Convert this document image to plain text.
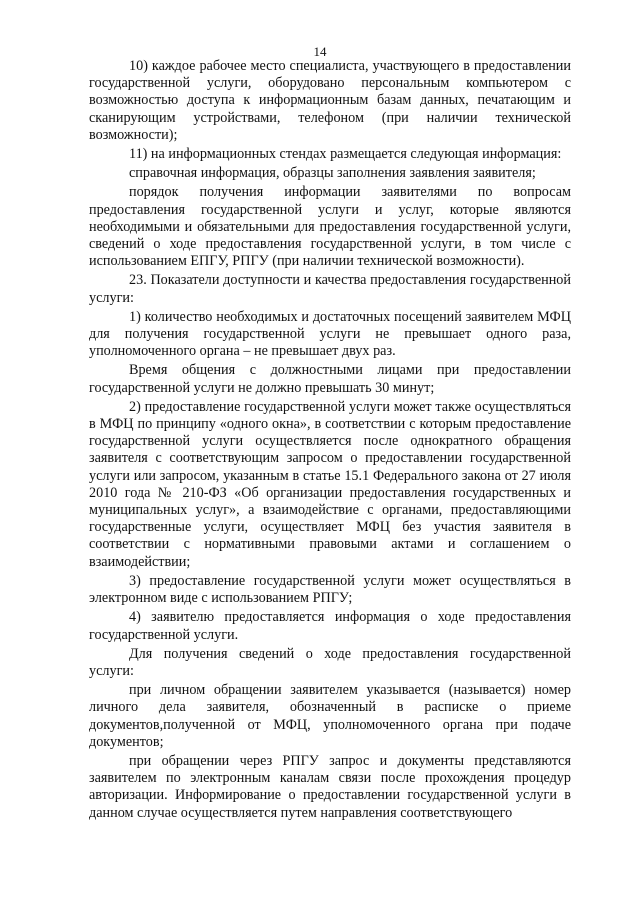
14

10) каждое рабочее место специалиста, участвующего в предоставлении государственной услуги, оборудовано персональным компьютером с возможностью доступа к информационным базам данных, печатающим и сканирующим устройствами, телефоном (при наличии технической возможности);

11) на информационных стендах размещается следующая информация:

справочная информация, образцы заполнения заявления заявителя;

порядок получения информации заявителями по вопросам предоставления государственной услуги и услуг, которые являются необходимыми и обязательными для предоставления государственной услуги, сведений о ходе предоставления государственной услуги, в том числе с использованием ЕПГУ, РПГУ (при наличии технической возможности).

23. Показатели доступности и качества предоставления государственной услуги:

1) количество необходимых и достаточных посещений заявителем МФЦ для получения государственной услуги не превышает одного раза, уполномоченного органа – не превышает двух раз.

Время общения с должностными лицами при предоставлении государственной услуги не должно превышать 30 минут;

2) предоставление государственной услуги может также осуществляться в МФЦ по принципу «одного окна», в соответствии с которым предоставление государственной услуги осуществляется после однократного обращения заявителя с соответствующим запросом о предоставлении государственной услуги или запросом, указанным в статье 15.1 Федерального закона от 27 июля 2010 года № 210-ФЗ «Об организации предоставления государственных и муниципальных услуг», а взаимодействие с органами, предоставляющими государственные услуги, осуществляет МФЦ без участия заявителя в соответствии с нормативными правовыми актами и соглашением о взаимодействии;

3) предоставление государственной услуги может осуществляться в электронном виде с использованием РПГУ;

4) заявителю предоставляется информация о ходе предоставления государственной услуги.

Для получения сведений о ходе предоставления государственной услуги:

при личном обращении заявителем указывается (называется) номер личного дела заявителя, обозначенный в расписке о приеме документов,полученной от МФЦ, уполномоченного органа при подаче документов;

при обращении через РПГУ запрос и документы представляются заявителем по электронным каналам связи после прохождения процедур авторизации. Информирование о предоставлении государственной услуги в данном случае осуществляется путем направления соответствующего
